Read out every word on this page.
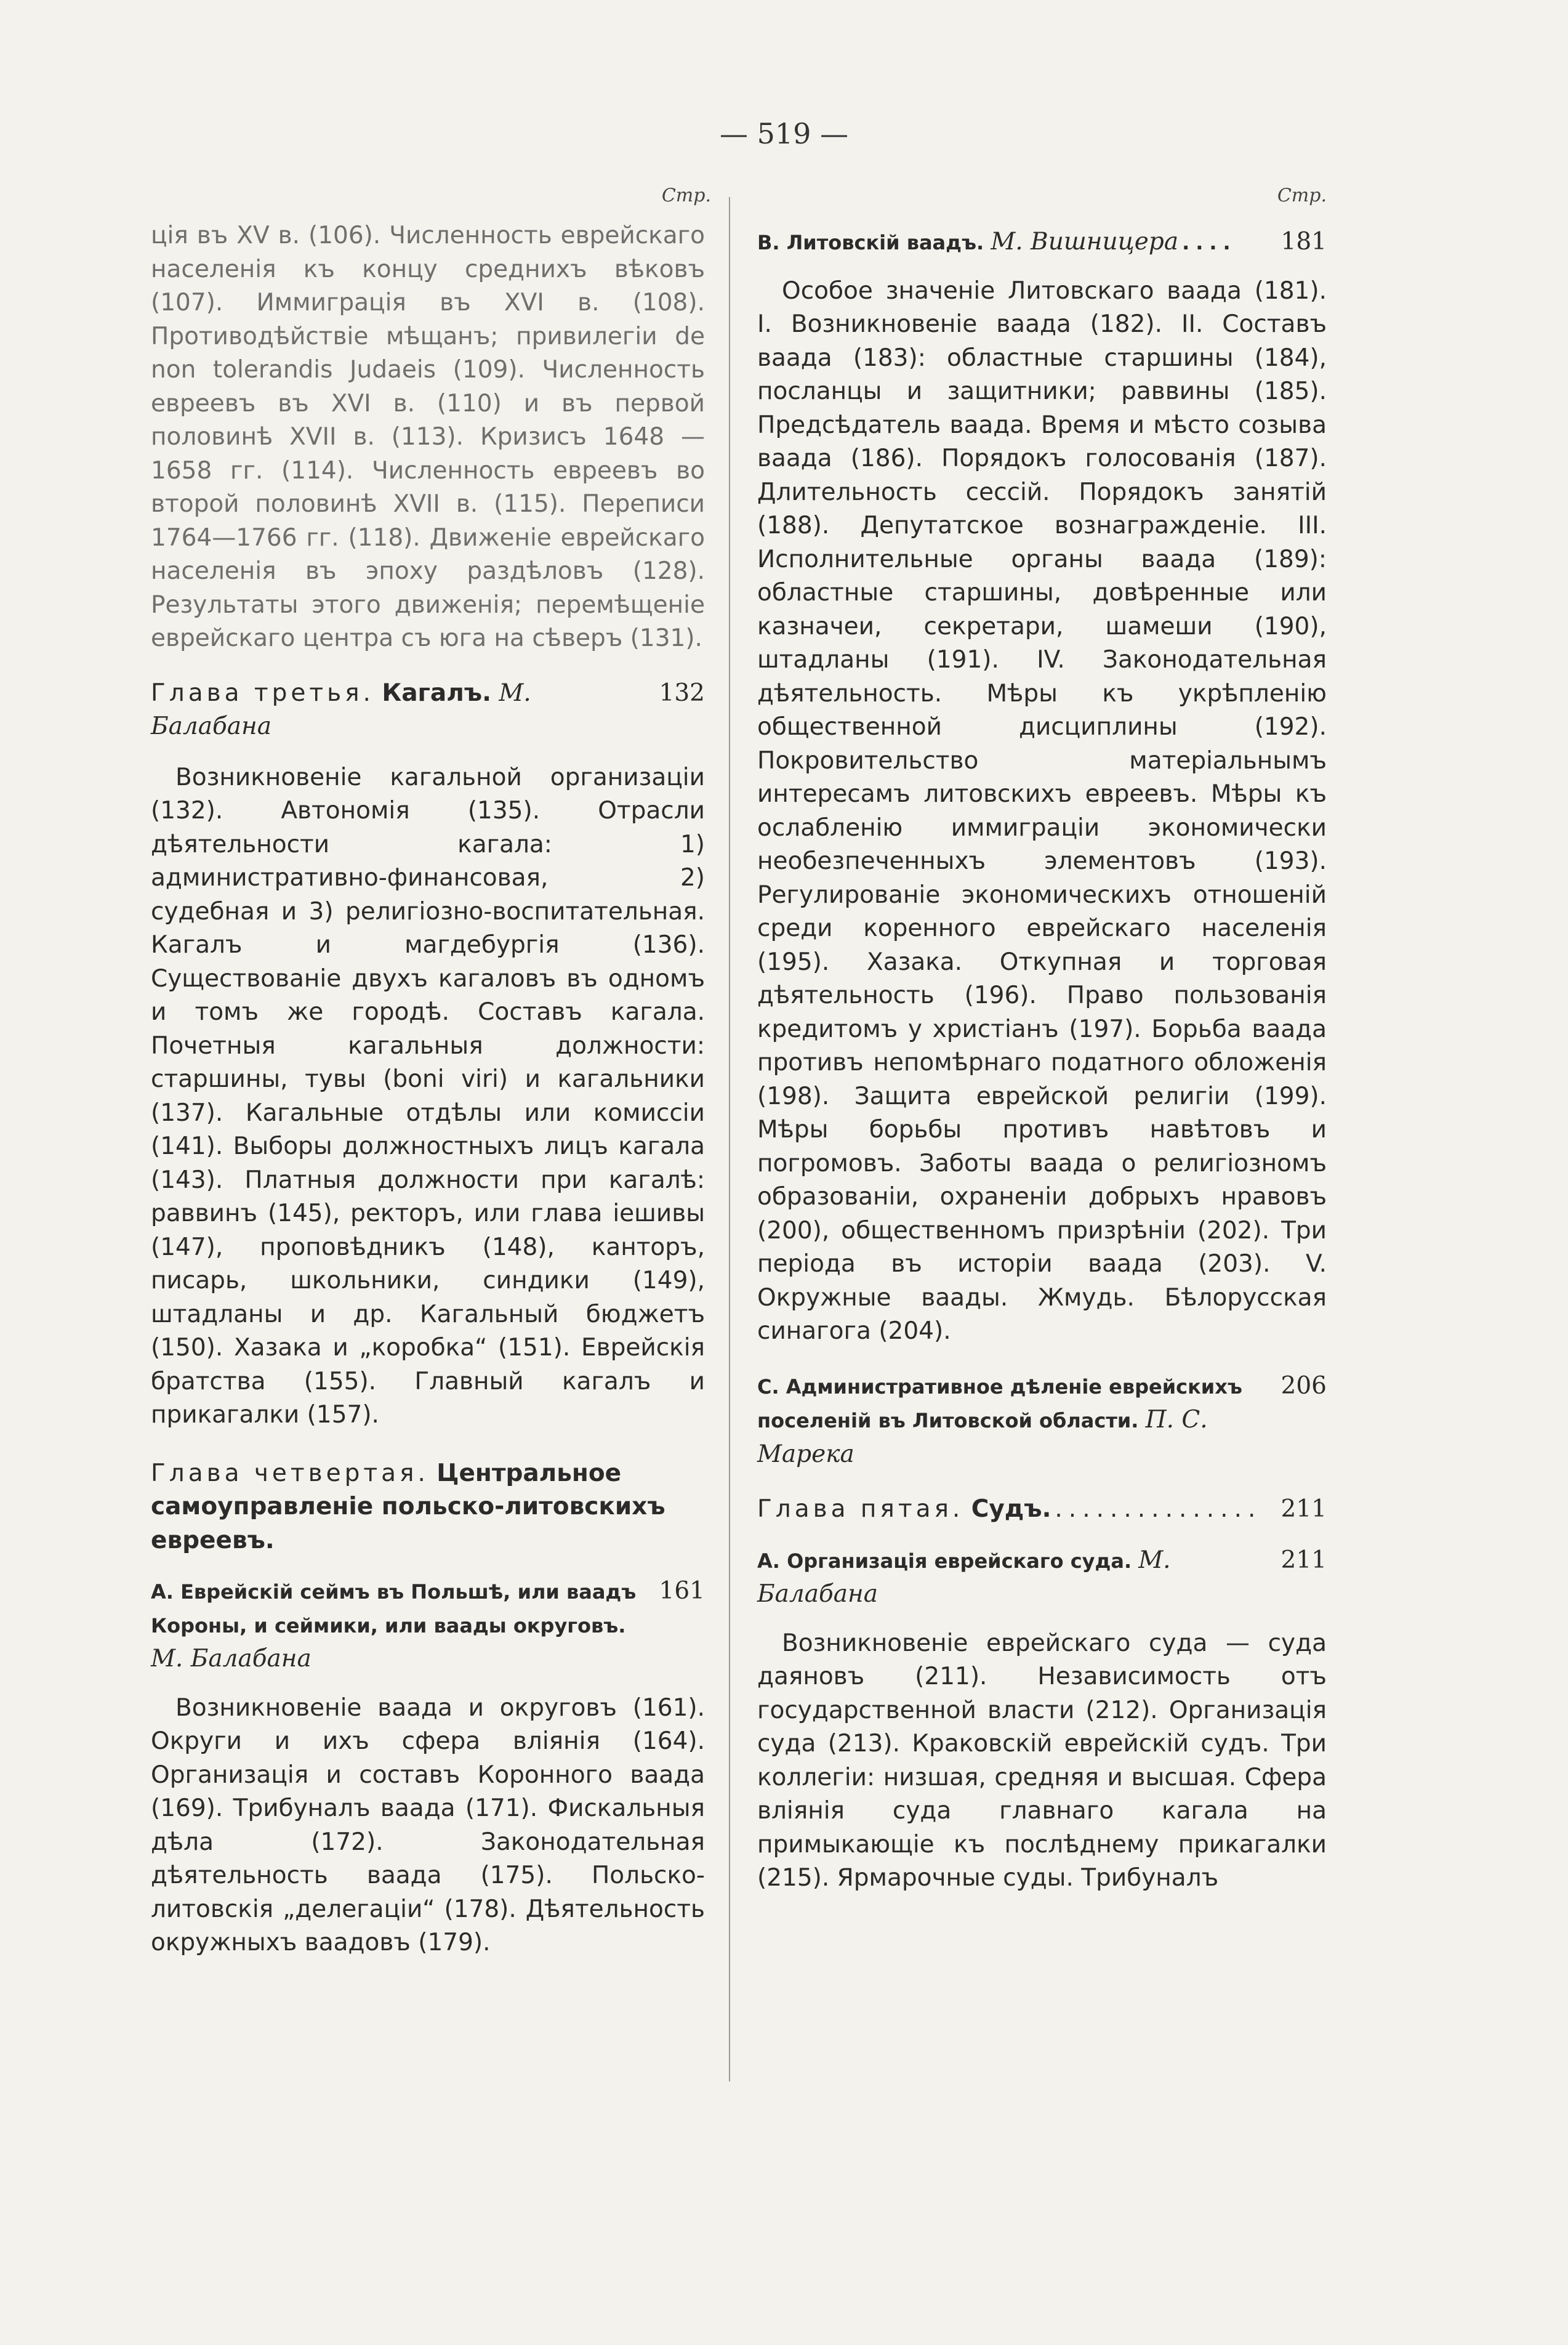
— 519 —
Стр.

ція въ XV в. (106). Численность еврейскаго населенія къ концу среднихъ вѣковъ (107). Иммиграція въ XVI в. (108). Противодѣйствіе мѣщанъ; привилегіи de non tolerandis Judaeis (109). Численность евреевъ въ XVI в. (110) и въ первой половинѣ XVII в. (113). Кризисъ 1648 — 1658 гг. (114). Численность евреевъ во второй половинѣ XVII в. (115). Переписи 1764—1766 гг. (118). Движеніе еврейскаго населенія въ эпоху раздѣловъ (128). Результаты этого движенія; перемѣщеніе еврейскаго центра съ юга на сѣверъ (131).

Глава третья. Кагалъ. М. Балабана
132

Возникновеніе кагальной организаціи (132). Автономія (135). Отрасли дѣятельности кагала: 1) административно-финансовая, 2) судебная и 3) религіозно-воспитательная. Кагалъ и магдебургія (136). Существованіе двухъ кагаловъ въ одномъ и томъ же городѣ. Составъ кагала. Почетныя кагальныя должности: старшины, тувы (boni viri) и кагальники (137). Кагальные отдѣлы или комиссіи (141). Выборы должностныхъ лицъ кагала (143). Платныя должности при кагалѣ: раввинъ (145), ректоръ, или глава іешивы (147), проповѣдникъ (148), канторъ, писарь, школьники, синдики (149), штадланы и др. Кагальный бюджетъ (150). Хазака и „коробка“ (151). Еврейскія братства (155). Главный кагалъ и прикагалки (157).

Глава четвертая. Центральное самоуправленіе польско-литовскихъ евреевъ.
А. Еврейскій сеймъ въ Польшѣ, или ваадъ Короны, и сеймики, или ваады округовъ. М. Балабана
161

Возникновеніе ваада и округовъ (161). Округи и ихъ сфера вліянія (164). Организація и составъ Коронного ваада (169). Трибуналъ ваада (171). Фискальныя дѣла (172). Законодательная дѣятельность ваада (175). Польско-литовскія „делегаціи“ (178). Дѣятельность окружныхъ ваадовъ (179).

Стр.
В. Литовскій ваадъ. М. Вишницера ....	181

Особое значеніе Литовскаго ваада (181). I. Возникновеніе ваада (182). II. Составъ ваада (183): областные старшины (184), посланцы и защитники; раввины (185). Предсѣдатель ваада. Время и мѣсто созыва ваада (186). Порядокъ голосованія (187). Длительность сессій. Порядокъ занятій (188). Депутатское вознагражденіе. III. Исполнительные органы ваада (189): областные старшины, довѣренные или казначеи, секретари, шамеши (190), штадланы (191). IV. Законодательная дѣятельность. Мѣры къ укрѣпленію общественной дисциплины (192). Покровительство матеріальнымъ интересамъ литовскихъ евреевъ. Мѣры къ ослабленію иммиграціи экономически необезпеченныхъ элементовъ (193). Регулированіе экономическихъ отношеній среди коренного еврейскаго населенія (195). Хазака. Откупная и торговая дѣятельность (196). Право пользованія кредитомъ у христіанъ (197). Борьба ваада противъ непомѣрнаго податного обложенія (198). Защита еврейской религіи (199). Мѣры борьбы противъ навѣтовъ и погромовъ. Заботы ваада о религіозномъ образованіи, охраненіи добрыхъ нравовъ (200), общественномъ призрѣніи (202). Три періода въ исторіи ваада (203). V. Окружные ваады. Жмудь. Бѣлорусская синагога (204).

С. Административное дѣленіе еврейскихъ поселеній въ Литовской области. П. С. Марека
206
Глава пятая. Судъ. ............... 211
А. Организація еврейскаго суда. М. Балабана
211

Возникновеніе еврейскаго суда — суда даяновъ (211). Независимость отъ государственной власти (212). Организація суда (213). Краковскій еврейскій судъ. Три коллегіи: низшая, средняя и высшая. Сфера вліянія суда главнаго кагала на примыкающіе къ послѣднему прикагалки (215). Ярмарочные суды. Трибуналъ
